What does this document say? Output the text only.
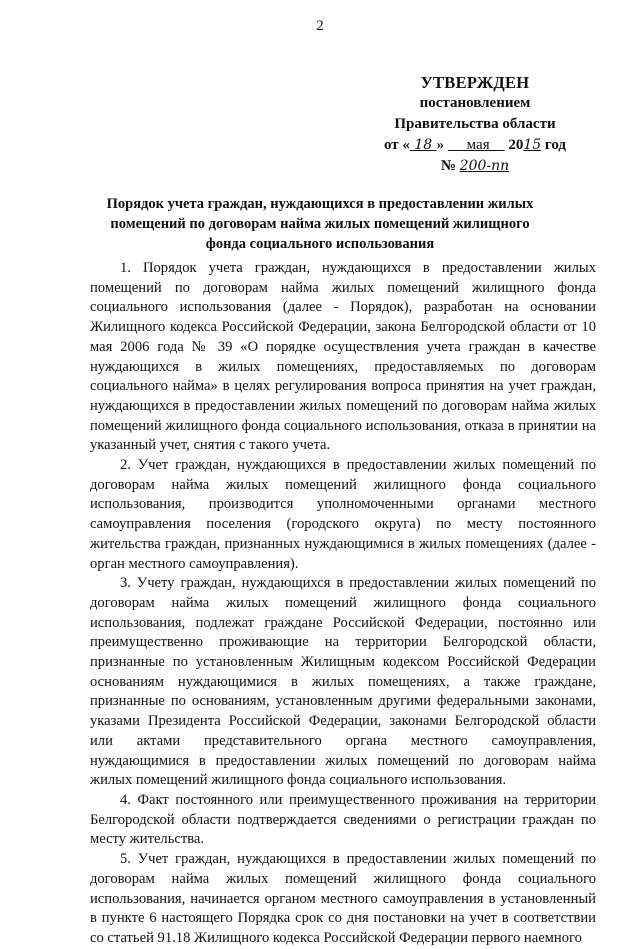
2
УТВЕРЖДЕН
постановлением
Правительства области
от « 18 » мая 2015 год
№ 200-пп
Порядок учета граждан, нуждающихся в предоставлении жилых помещений по договорам найма жилых помещений жилищного фонда социального использования

1. Порядок учета граждан, нуждающихся в предоставлении жилых помещений по договорам найма жилых помещений жилищного фонда социального использования (далее - Порядок), разработан на основании Жилищного кодекса Российской Федерации, закона Белгородской области от 10 мая 2006 года № 39 «О порядке осуществления учета граждан в качестве нуждающихся в жилых помещениях, предоставляемых по договорам социального найма» в целях регулирования вопроса принятия на учет граждан, нуждающихся в предоставлении жилых помещений по договорам найма жилых помещений жилищного фонда социального использования, отказа в принятии на указанный учет, снятия с такого учета.

2. Учет граждан, нуждающихся в предоставлении жилых помещений по договорам найма жилых помещений жилищного фонда социального использования, производится уполномоченными органами местного самоуправления поселения (городского округа) по месту постоянного жительства граждан, признанных нуждающимися в жилых помещениях (далее - орган местного самоуправления).

3. Учету граждан, нуждающихся в предоставлении жилых помещений по договорам найма жилых помещений жилищного фонда социального использования, подлежат граждане Российской Федерации, постоянно или преимущественно проживающие на территории Белгородской области, признанные по установленным Жилищным кодексом Российской Федерации основаниям нуждающимися в жилых помещениях, а также граждане, признанные по основаниям, установленным другими федеральными законами, указами Президента Российской Федерации, законами Белгородской области или актами представительного органа местного самоуправления, нуждающимися в предоставлении жилых помещений по договорам найма жилых помещений жилищного фонда социального использования.

4. Факт постоянного или преимущественного проживания на территории Белгородской области подтверждается сведениями о регистрации граждан по месту жительства.

5. Учет граждан, нуждающихся в предоставлении жилых помещений по договорам найма жилых помещений жилищного фонда социального использования, начинается органом местного самоуправления в установленный в пункте 6 настоящего Порядка срок со дня постановки на учет в соответствии со статьей 91.18 Жилищного кодекса Российской Федерации первого наемного
